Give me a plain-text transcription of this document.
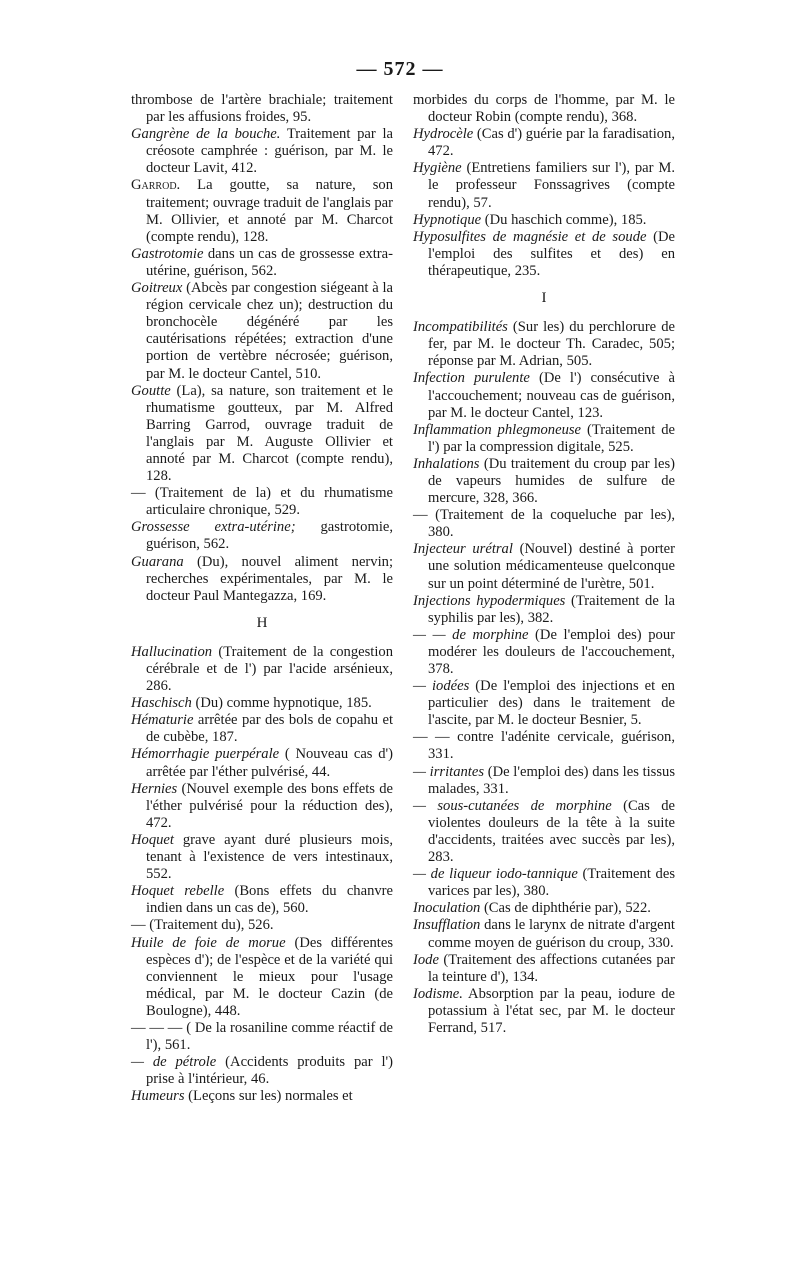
— 572 —

thrombose de l'artère brachiale; traitement par les affusions froides, 95.

Gangrène de la bouche. Traitement par la créosote camphrée : guérison, par M. le docteur Lavit, 412.

Garrod. La goutte, sa nature, son traitement; ouvrage traduit de l'anglais par M. Ollivier, et annoté par M. Charcot (compte rendu), 128.

Gastrotomie dans un cas de grossesse extra-utérine, guérison, 562.

Goitreux (Abcès par congestion siégeant à la région cervicale chez un); destruction du bronchocèle dégénéré par les cautérisations répétées; extraction d'une portion de vertèbre nécrosée; guérison, par M. le docteur Cantel, 510.

Goutte (La), sa nature, son traitement et le rhumatisme goutteux, par M. Alfred Barring Garrod, ouvrage traduit de l'anglais par M. Auguste Ollivier et annoté par M. Charcot (compte rendu), 128.

— (Traitement de la) et du rhumatisme articulaire chronique, 529.

Grossesse extra-utérine; gastrotomie, guérison, 562.

Guarana (Du), nouvel aliment nervin; recherches expérimentales, par M. le docteur Paul Mantegazza, 169.

H

Hallucination (Traitement de la congestion cérébrale et de l') par l'acide arsénieux, 286.

Haschisch (Du) comme hypnotique, 185.

Hématurie arrêtée par des bols de copahu et de cubèbe, 187.

Hémorrhagie puerpérale ( Nouveau cas d') arrêtée par l'éther pulvérisé, 44.

Hernies (Nouvel exemple des bons effets de l'éther pulvérisé pour la réduction des), 472.

Hoquet grave ayant duré plusieurs mois, tenant à l'existence de vers intestinaux, 552.

Hoquet rebelle (Bons effets du chanvre indien dans un cas de), 560.

— (Traitement du), 526.

Huile de foie de morue (Des différentes espèces d'); de l'espèce et de la variété qui conviennent le mieux pour l'usage médical, par M. le docteur Cazin (de Boulogne), 448.

— — — ( De la rosaniline comme réactif de l'), 561.

— de pétrole (Accidents produits par l') prise à l'intérieur, 46.

Humeurs (Leçons sur les) normales et

morbides du corps de l'homme, par M. le docteur Robin (compte rendu), 368.

Hydrocèle (Cas d') guérie par la faradisation, 472.

Hygiène (Entretiens familiers sur l'), par M. le professeur Fonssagrives (compte rendu), 57.

Hypnotique (Du haschich comme), 185.

Hyposulfites de magnésie et de soude (De l'emploi des sulfites et des) en thérapeutique, 235.

I

Incompatibilités (Sur les) du perchlorure de fer, par M. le docteur Th. Caradec, 505; réponse par M. Adrian, 505.

Infection purulente (De l') consécutive à l'accouchement; nouveau cas de guérison, par M. le docteur Cantel, 123.

Inflammation phlegmoneuse (Traitement de l') par la compression digitale, 525.

Inhalations (Du traitement du croup par les) de vapeurs humides de sulfure de mercure, 328, 366.

— (Traitement de la coqueluche par les), 380.

Injecteur urétral (Nouvel) destiné à porter une solution médicamenteuse quelconque sur un point déterminé de l'urètre, 501.

Injections hypodermiques (Traitement de la syphilis par les), 382.

— — de morphine (De l'emploi des) pour modérer les douleurs de l'accouchement, 378.

— iodées (De l'emploi des injections et en particulier des) dans le traitement de l'ascite, par M. le docteur Besnier, 5.

— — contre l'adénite cervicale, guérison, 331.

— irritantes (De l'emploi des) dans les tissus malades, 331.

— sous-cutanées de morphine (Cas de violentes douleurs de la tête à la suite d'accidents, traitées avec succès par les), 283.

— de liqueur iodo-tannique (Traitement des varices par les), 380.

Inoculation (Cas de diphthérie par), 522.

Insufflation dans le larynx de nitrate d'argent comme moyen de guérison du croup, 330.

Iode (Traitement des affections cutanées par la teinture d'), 134.

Iodisme. Absorption par la peau, iodure de potassium à l'état sec, par M. le docteur Ferrand, 517.
